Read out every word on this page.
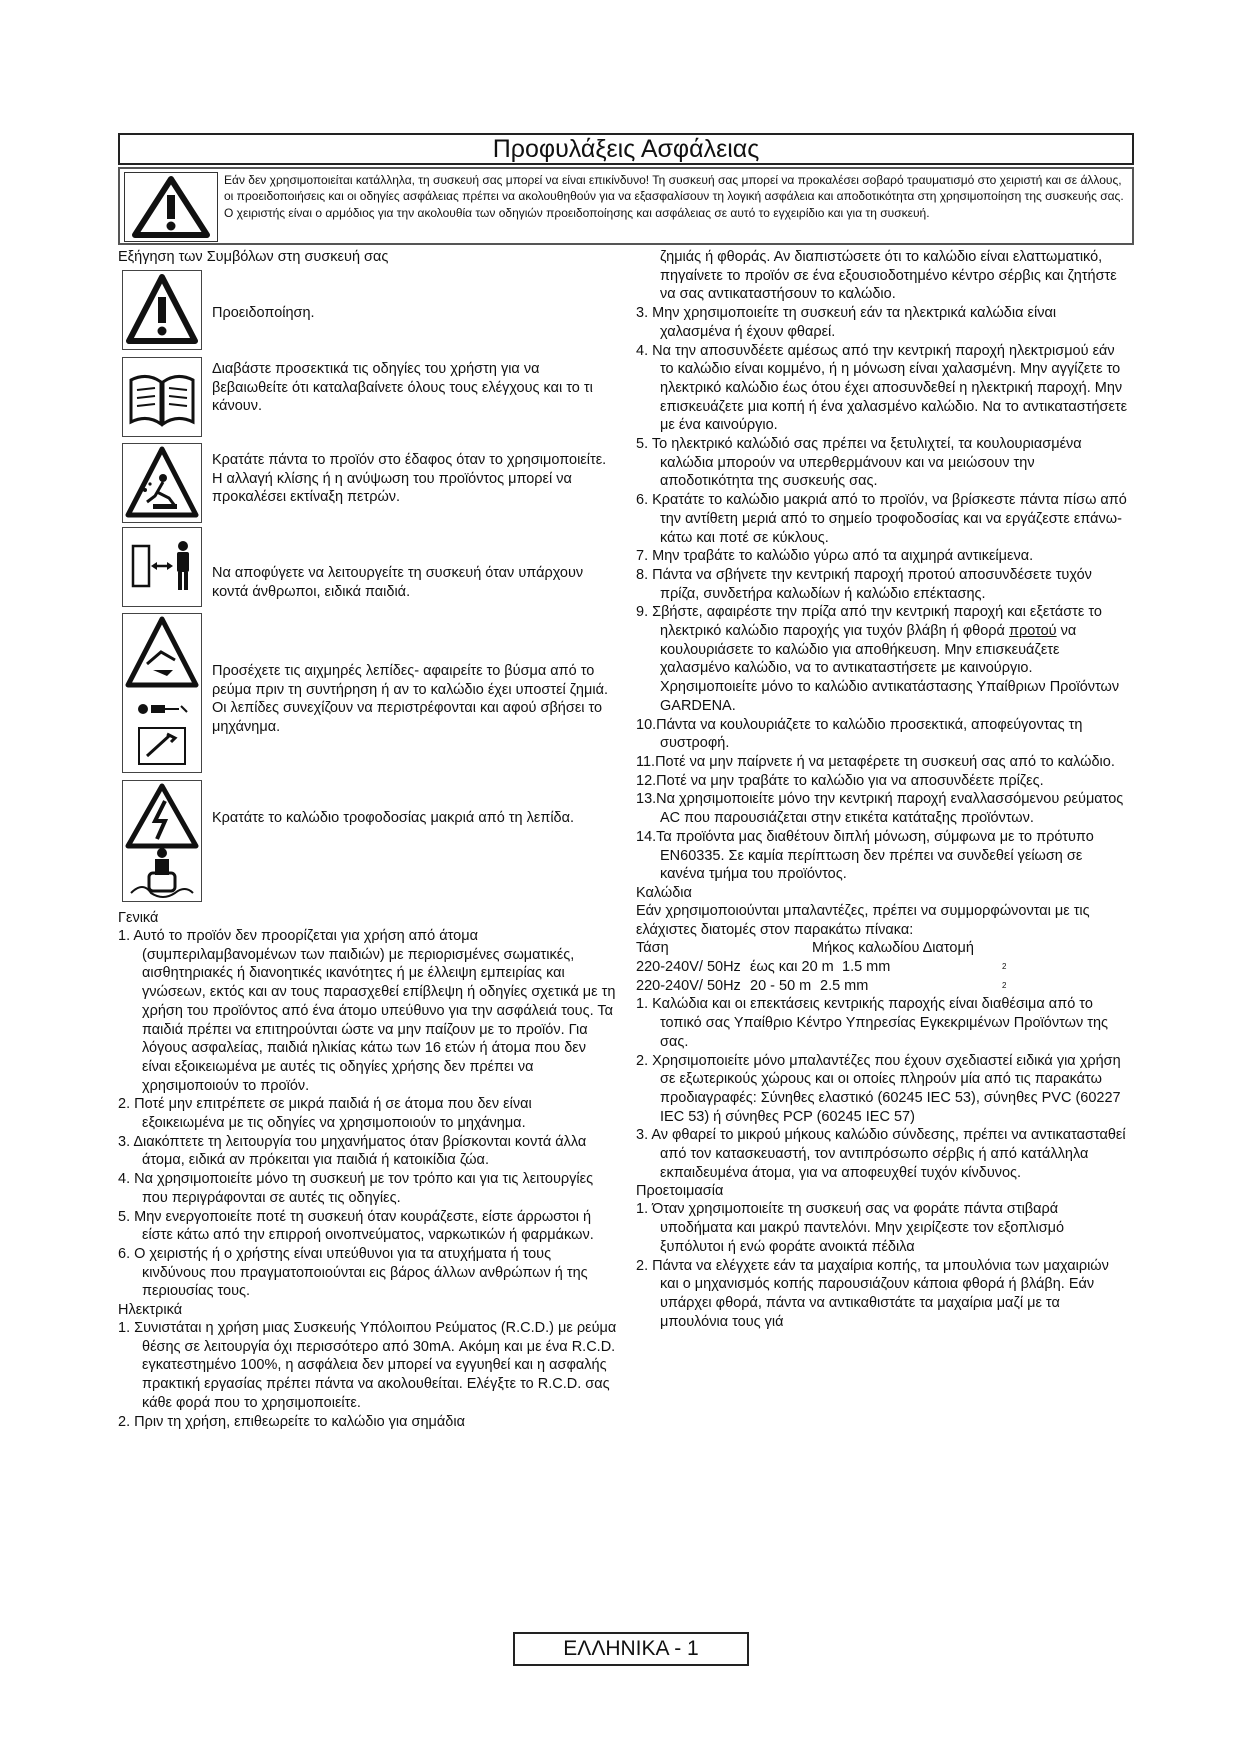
Προφυλάξεις Ασφάλειας
Εάν δεν χρησιμοποιείται κατάλληλα, τη συσκευή σας μπορεί να είναι επικίνδυνο! Τη συσκευή σας μπορεί να προκαλέσει σοβαρό τραυματισμό στο χειριστή και σε άλλους, οι προειδοποιήσεις και οι οδηγίες ασφάλειας πρέπει να ακολουθηθούν για να εξασφαλίσουν τη λογική ασφάλεια και αποδοτικότητα στη χρησιμοποίηση της συσκευής σας. Ο χειριστής είναι ο αρμόδιος για την ακολουθία των οδηγιών προειδοποίησης και ασφάλειας σε αυτό το εγχειρίδιο και για τη συσκευή.
Εξήγηση των Συμβόλων στη συσκευή σας
Προειδοποίηση.
Διαβάστε προσεκτικά τις οδηγίες του χρήστη για να βεβαιωθείτε ότι καταλαβαίνετε όλους τους ελέγχους και το τι κάνουν.
Κρατάτε πάντα το προϊόν στο έδαφος όταν το χρησιμοποιείτε. Η αλλαγή κλίσης ή η ανύψωση του προϊόντος μπορεί να προκαλέσει εκτίναξη πετρών.
Να αποφύγετε να λειτουργείτε τη συσκευή όταν υπάρχουν κοντά άνθρωποι, ειδικά παιδιά.
Προσέχετε τις αιχμηρές λεπίδες- αφαιρείτε το βύσμα από το ρεύμα πριν τη συντήρηση ή αν το καλώδιο έχει υποστεί ζημιά. Οι λεπίδες συνεχίζουν να περιστρέφονται και αφού σβήσει το μηχάνημα.
Κρατάτε το καλώδιο τροφοδοσίας μακριά από τη λεπίδα.
Γενικά
1. Αυτό το προϊόν δεν προορίζεται για χρήση από άτομα (συμπεριλαμβανομένων των παιδιών) με περιορισμένες σωματικές, αισθητηριακές ή διανοητικές ικανότητες ή με έλλειψη εμπειρίας και γνώσεων, εκτός και αν τους παρασχεθεί επίβλεψη ή οδηγίες σχετικά με τη χρήση του προϊόντος από ένα άτομο υπεύθυνο για την ασφάλειά τους. Τα παιδιά πρέπει να επιτηρούνται ώστε να μην παίζουν με το προϊόν. Για λόγους ασφαλείας, παιδιά ηλικίας κάτω των 16 ετών ή άτομα που δεν είναι εξοικειωμένα με αυτές τις οδηγίες χρήσης δεν πρέπει να χρησιμοποιούν το προϊόν.
2. Ποτέ μην επιτρέπετε σε μικρά παιδιά ή σε άτομα που δεν είναι εξοικειωμένα με τις οδηγίες να χρησιμοποιούν το μηχάνημα.
3. Διακόπτετε τη λειτουργία του μηχανήματος όταν βρίσκονται κοντά άλλα άτομα, ειδικά αν πρόκειται για παιδιά ή κατοικίδια ζώα.
4. Να χρησιμοποιείτε μόνο τη συσκευή με τον τρόπο και για τις λειτουργίες που περιγράφονται σε αυτές τις οδηγίες.
5. Μην ενεργοποιείτε ποτέ τη συσκευή όταν κουράζεστε, είστε άρρωστοι ή είστε κάτω από την επιρροή οινοπνεύματος, ναρκωτικών ή φαρμάκων.
6. Ο χειριστής ή ο χρήστης είναι υπεύθυνοι για τα ατυχήματα ή τους κινδύνους που πραγματοποιούνται εις βάρος άλλων ανθρώπων ή της περιουσίας τους.
Ηλεκτρικά
1. Συνιστάται η χρήση μιας Συσκευής Υπόλοιπου Ρεύματος (R.C.D.) με ρεύμα θέσης σε λειτουργία όχι περισσότερο από 30mA. Ακόμη και με ένα R.C.D. εγκατεστημένο 100%, η ασφάλεια δεν μπορεί να εγγυηθεί και η ασφαλής πρακτική εργασίας πρέπει πάντα να ακολουθείται. Ελέγξτε το R.C.D. σας κάθε φορά που το χρησιμοποιείτε.
2. Πριν τη χρήση, επιθεωρείτε το καλώδιο για σημάδια

ζημιάς ή φθοράς. Αν διαπιστώσετε ότι το καλώδιο είναι ελαττωματικό, πηγαίνετε το προϊόν σε ένα εξουσιοδοτημένο κέντρο σέρβις και ζητήστε να σας αντικαταστήσουν το καλώδιο.

3. Μην χρησιμοποιείτε τη συσκευή εάν τα ηλεκτρικά καλώδια είναι χαλασμένα ή έχουν φθαρεί.
4. Να την αποσυνδέετε αμέσως από την κεντρική παροχή ηλεκτρισμού εάν το καλώδιο είναι κομμένο, ή η μόνωση είναι χαλασμένη. Μην αγγίζετε το ηλεκτρικό καλώδιο έως ότου έχει αποσυνδεθεί η ηλεκτρική παροχή. Μην επισκευάζετε μια κοπή ή ένα χαλασμένο καλώδιο. Να το αντικαταστήσετε με ένα καινούργιο.
5. Το ηλεκτρικό καλώδιό σας πρέπει να ξετυλιχτεί, τα κουλουριασμένα καλώδια μπορούν να υπερθερμάνουν και να μειώσουν την αποδοτικότητα της συσκευής σας.
6. Κρατάτε το καλώδιο μακριά από το προϊόν, να βρίσκεστε πάντα πίσω από την αντίθετη μεριά από το σημείο τροφοδοσίας και να εργάζεστε επάνω-κάτω και ποτέ σε κύκλους.
7. Μην τραβάτε το καλώδιο γύρω από τα αιχμηρά αντικείμενα.
8. Πάντα να σβήνετε την κεντρική παροχή προτού αποσυνδέσετε τυχόν πρίζα, συνδετήρα καλωδίων ή καλώδιο επέκτασης.
9. Σβήστε, αφαιρέστε την πρίζα από την κεντρική παροχή και εξετάστε το ηλεκτρικό καλώδιο παροχής για τυχόν βλάβη ή φθορά προτού να κουλουριάσετε το καλώδιο για αποθήκευση. Μην επισκευάζετε χαλασμένο καλώδιο, να το αντικαταστήσετε με καινούργιο. Χρησιμοποιείτε μόνο το καλώδιο αντικατάστασης Υπαίθριων Προϊόντων GARDENA.
10.Πάντα να κουλουριάζετε το καλώδιο προσεκτικά, αποφεύγοντας τη συστροφή.
11.Ποτέ να μην παίρνετε ή να μεταφέρετε τη συσκευή σας από το καλώδιο.
12.Ποτέ να μην τραβάτε το καλώδιο για να αποσυνδέετε πρίζες.
13.Να χρησιμοποιείτε μόνο την κεντρική παροχή εναλλασσόμενου ρεύματος AC που παρουσιάζεται στην ετικέτα κατάταξης προϊόντων.
14.Τα προϊόντα μας διαθέτουν διπλή μόνωση, σύμφωνα με το πρότυπο EN60335. Σε καμία περίπτωση δεν πρέπει να συνδεθεί γείωση σε κανένα τμήμα του προϊόντος.
Καλώδια

Εάν χρησιμοποιούνται μπαλαντέζες, πρέπει να συμμορφώνονται με τις ελάχιστες διατομές στον παρακάτω πίνακα:

Τάση	Μήκος καλωδίου Διατομή
220-240V/ 50Hz έως και 20 m 1.5 mm	2
220-240V/ 50Hz 20 - 50 m 2.5 mm	2
1. Καλώδια και οι επεκτάσεις κεντρικής παροχής είναι διαθέσιμα από το τοπικό σας Υπαίθριο Κέντρο Υπηρεσίας Εγκεκριμένων Προϊόντων της σας.
2. Χρησιμοποιείτε μόνο μπαλαντέζες που έχουν σχεδιαστεί ειδικά για χρήση σε εξωτερικούς χώρους και οι οποίες πληρούν μία από τις παρακάτω προδιαγραφές: Σύνηθες ελαστικό (60245 IEC 53), σύνηθες PVC (60227 IEC 53) ή σύνηθες PCP (60245 IEC 57)
3. Αν φθαρεί το μικρού μήκους καλώδιο σύνδεσης, πρέπει να αντικατασταθεί από τον κατασκευαστή, τον αντιπρόσωπο σέρβις ή από κατάλληλα εκπαιδευμένα άτομα, για να αποφευχθεί τυχόν κίνδυνος.
Προετοιμασία
1. Όταν χρησιμοποιείτε τη συσκευή σας να φοράτε πάντα στιβαρά υποδήματα και μακρύ παντελόνι. Μην χειρίζεστε τον εξοπλισμό ξυπόλυτοι ή ενώ φοράτε ανοικτά πέδιλα
2. Πάντα να ελέγχετε εάν τα μαχαίρια κοπής, τα μπουλόνια των μαχαιριών και ο μηχανισμός κοπής παρουσιάζουν κάποια φθορά ή βλάβη. Εάν υπάρχει φθορά, πάντα να αντικαθιστάτε τα μαχαίρια μαζί με τα μπουλόνια τους γιά
ΕΛΛΗΝΙΚΑ - 1
